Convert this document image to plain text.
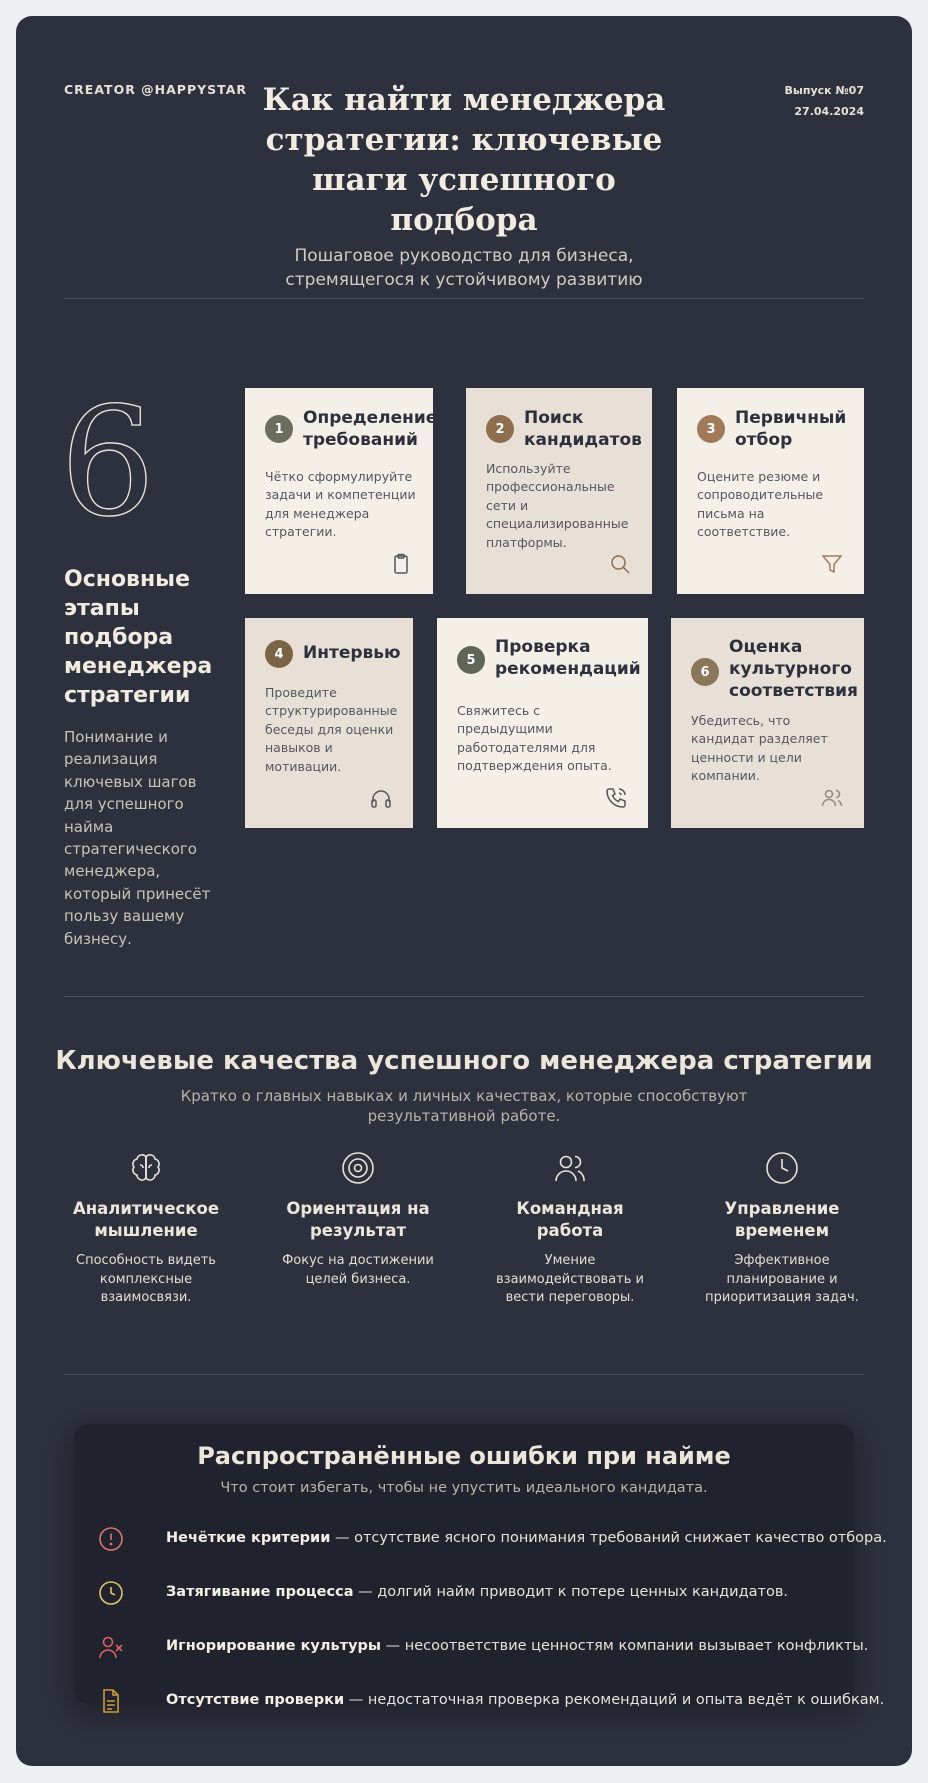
CREATOR @HAPPYSTAR	Выпуск №07
27.04.2024
Как найти менеджера стратегии: ключевые шаги успешного подбора
Пошаговое руководство для бизнеса, стремящегося к устойчивому развитию
6
Основные этапы подбора менеджера стратегии
Понимание и реализация ключевых шагов для успешного найма стратегического менеджера, который принесёт пользу вашему бизнесу.
1
Определение требований
Чётко сформулируйте задачи и компетенции для менеджера стратегии.
2
Поиск кандидатов
Используйте профессиональные сети и специализированные платформы.
3
Первичный отбор
Оцените резюме и сопроводительные письма на соответствие.
4	Интервью
Проведите структурированные беседы для оценки навыков и мотивации.
5
Проверка рекомендаций
Свяжитесь с предыдущими работодателями для подтверждения опыта.
6
Оценка культурного соответствия
Убедитесь, что кандидат разделяет ценности и цели компании.
Ключевые качества успешного менеджера стратегии
Кратко о главных навыках и личных качествах, которые способствуют результативной работе.
Аналитическое мышление
Способность видеть комплексные взаимосвязи.
Ориентация на результат
Фокус на достижении целей бизнеса.
Командная работа
Умение взаимодействовать и вести переговоры.
Управление временем
Эффективное планирование и приоритизация задач.
Распространённые ошибки при найме
Что стоит избегать, чтобы не упустить идеального кандидата.
Нечёткие критерии — отсутствие ясного понимания требований снижает качество отбора.
Затягивание процесса — долгий найм приводит к потере ценных кандидатов.
Игнорирование культуры — несоответствие ценностям компании вызывает конфликты.
Отсутствие проверки — недостаточная проверка рекомендаций и опыта ведёт к ошибкам.
